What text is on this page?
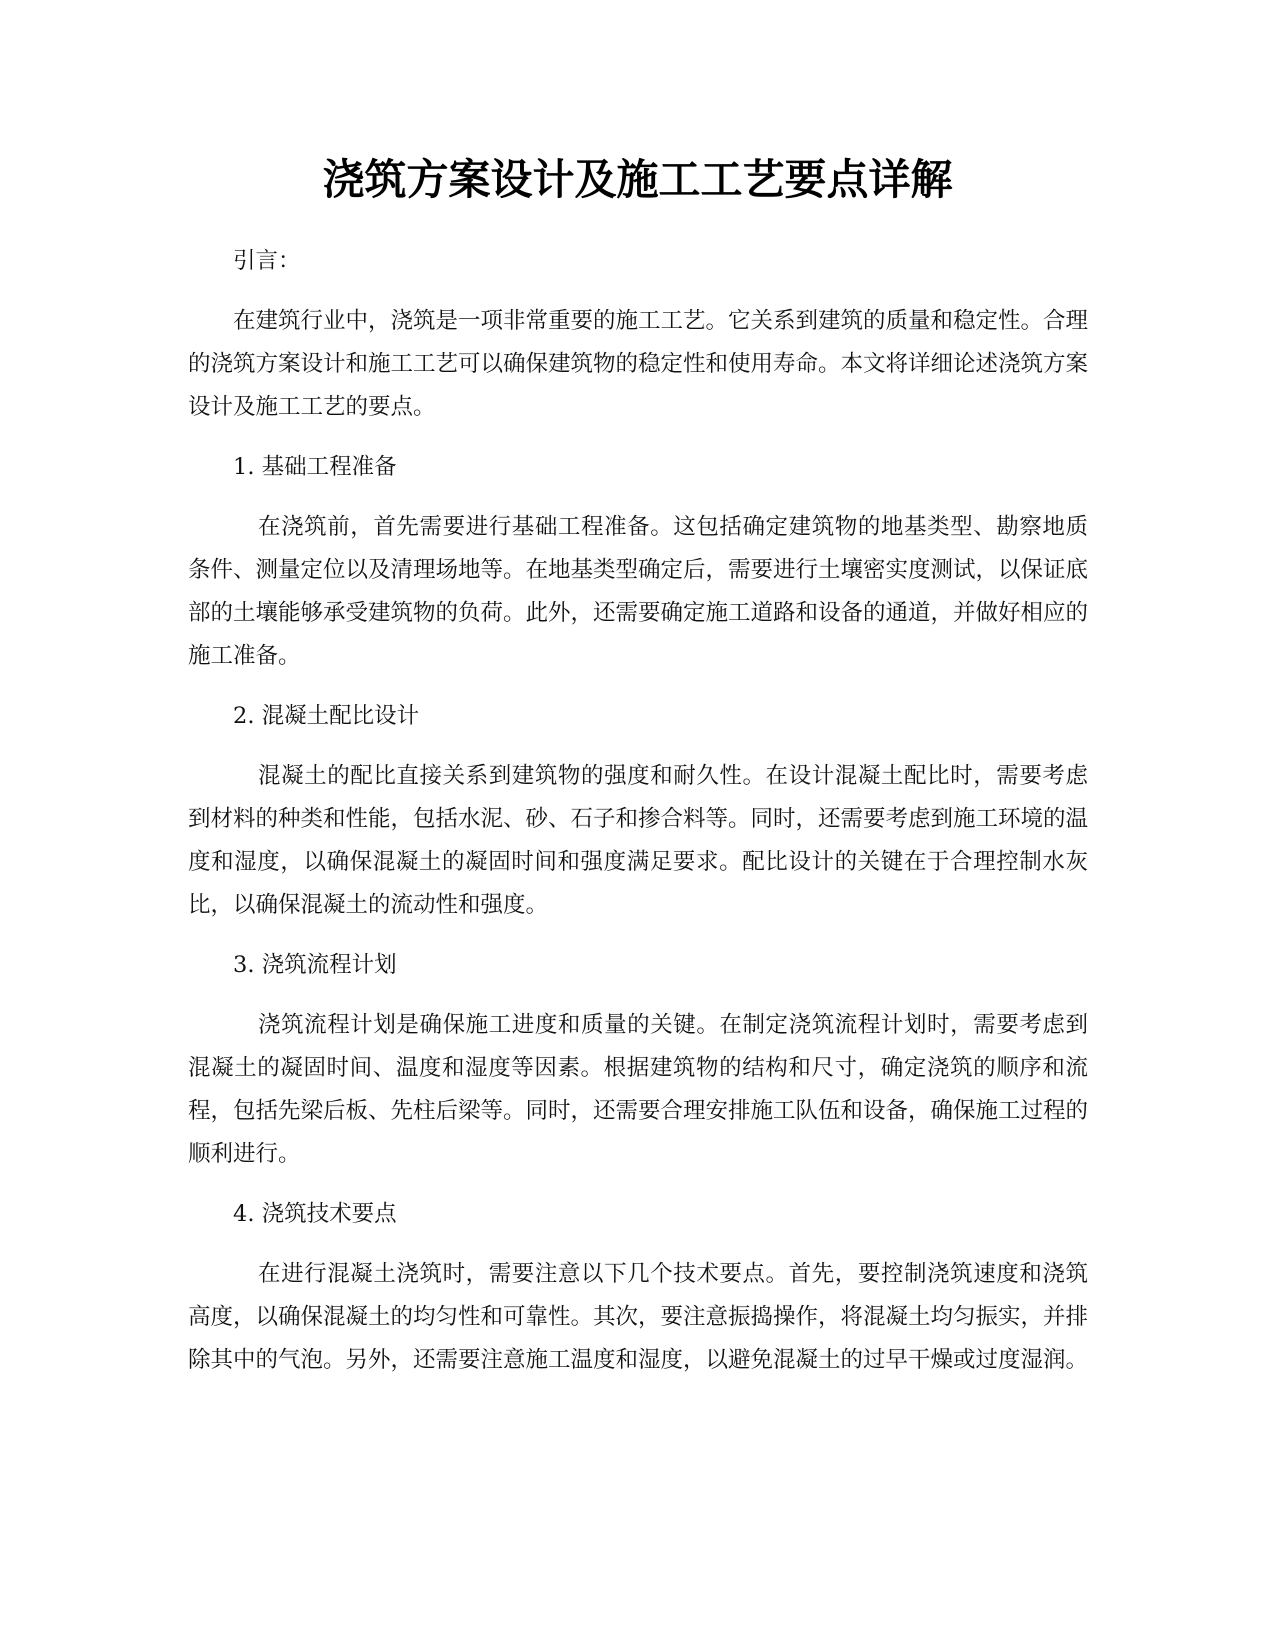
浇筑方案设计及施工工艺要点详解

引言：

在建筑行业中，浇筑是一项非常重要的施工工艺。它关系到建筑的质量和稳定性。合理的浇筑方案设计和施工工艺可以确保建筑物的稳定性和使用寿命。本文将详细论述浇筑方案设计及施工工艺的要点。

1. 基础工程准备

在浇筑前，首先需要进行基础工程准备。这包括确定建筑物的地基类型、勘察地质条件、测量定位以及清理场地等。在地基类型确定后，需要进行土壤密实度测试，以保证底部的土壤能够承受建筑物的负荷。此外，还需要确定施工道路和设备的通道，并做好相应的施工准备。

2. 混凝土配比设计

混凝土的配比直接关系到建筑物的强度和耐久性。在设计混凝土配比时，需要考虑到材料的种类和性能，包括水泥、砂、石子和掺合料等。同时，还需要考虑到施工环境的温度和湿度，以确保混凝土的凝固时间和强度满足要求。配比设计的关键在于合理控制水灰比，以确保混凝土的流动性和强度。

3. 浇筑流程计划

浇筑流程计划是确保施工进度和质量的关键。在制定浇筑流程计划时，需要考虑到混凝土的凝固时间、温度和湿度等因素。根据建筑物的结构和尺寸，确定浇筑的顺序和流程，包括先梁后板、先柱后梁等。同时，还需要合理安排施工队伍和设备，确保施工过程的顺利进行。

4. 浇筑技术要点

在进行混凝土浇筑时，需要注意以下几个技术要点。首先，要控制浇筑速度和浇筑高度，以确保混凝土的均匀性和可靠性。其次，要注意振捣操作，将混凝土均匀振实，并排除其中的气泡。另外，还需要注意施工温度和湿度，以避免混凝土的过早干燥或过度湿润。
